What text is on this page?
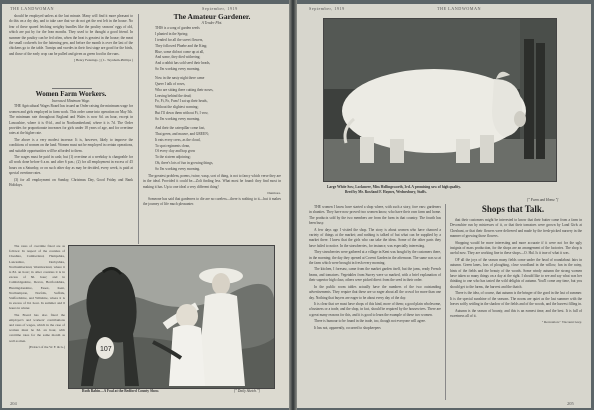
THE LANDWOMAN	September, 1919

should be employed unless at the last minute. Many will find it more pleasant to do this on a dry day, and to take care that we do not get the rest left in the house. No fear of these spared fetching weighty bundles like the poultry seasons' eggs of old, which are put by for the lean months. They used to be thought a good friend. In summer the poultry can be fed often, when the heat is greatest in the house; the meat the small cockerels for the fattening pen, and before the month is over the last of the chickens go to the table. Turnips and swedes in their first stage are good for the birds, and those of the early crop can be pulled and given as green food in the runs.

[ Henry Fennings. ] ( L. Teynham-Phillips )
Women Farm Workers.
Increased Minimum Wage.

THE Agricultural Wages Board has issued an Order raising the minimum wage for women and girls employed in farm work. This order came into operation on May 5th. The minimum rate throughout England and Wales is now 6d. an hour, except in Lancashire, where it is 6½d., and in Northumberland, where it is 7d. The Order provides for proportionate increases for girls under 18 years of age, and for overtime rates at the higher rate.

The above is a very modest increase. It is, however, likely to improve the conditions of women on the land. Women must not be employed in certain operations, and suitable opportunities will be afforded to them.

The wages must be paid in cash; but (1) overtime at a weekday is chargeable for all work done before 6 a.m. and after 6 p.m.; (2) for all employment in excess of 45 hours on a Saturday, or on such other day as may be decided, every week, is paid at special overtime rates.

(3) for all employment on Sunday, Christmas Day, Good Friday and Bank Holidays.

The rates of overtime fixed are as follows: In respect of the counties of Cheshire, Cumberland, Hampshire, Lancashire, Derbyshire, Northumberland, Westmorland, where it is 8d. an hour; in other counties it is in excess of 8d. hour; and in Cambridgeshire, Devon, Hertfordshire, Huntingdonshire, Essex, Kent, Northampton, Norfolk, Suffolk, Staffordshire, and Wiltshire, where it is in excess of 6d. hour. In summer and 6 hours in winter.

The Board has also fixed the employer's and workers' contributions and rates of wages, which in the case of women must be 6d. an hour, with overtime rates for the same month as well as men.

(Extract of the W. F. & G.)
The Amateur Gardener.
A Tender Plot.

THIS is a song of garden seeds

I planted in the Spring;

I tended for all the sweet flowers,

They followed Phœbe and the King;

Blue, some did not come up at all,

And some, they died withering;

And a rabbit has sold seed their heads,

So I'm working every morning.

Now in the nasty night there came

Queer I talk of roses,

Who are sitting there cutting their noses,

Leaving behind the dead;

Fo, Fi, Fo, Fum! I sat up their heads,

Without the slightest warning;

But I'll down them without Fi, I vow,

So I'm working every morning.

And their the caterpillar come fast,

That green, and mauve, and GREEN;

It eats every cress, as the cloud,

To spot regiments clean,

Of every clay and hop grow

To the sixteen adjoining;

Oh, there's lots of fun in growing things,

So I'm working every morning.

The greatest problem, poems, twine, wasp, sort of thing, is not to fancy which verse they are in the ideal. Provided it could be—Zolt finding less. What most he found: they find most in making it has. Up to one ideal a very different thing!

Dunmore.

Someone has said that gardeners to die are no careless—there is nothing to it—but it makes the journey of life much pleasanter.

107
Ruth Rabin—A Foal at the Bedford County Show.	[" Daily Sketch."]
204
September, 1919	THE LANDWOMAN
Large White Sow, Lockmere, Miss Hollingsworth, 3rd. A promising sow of high quality.
Bred by Mr. Rowland F. Haynes, Wednesbury, Staffs.
[" Farm and Home."]
Shops that Talk.

THE women I know have started a shop where, with such a story, fore ears: gardeners in shanties. They have now proved two women know, who have their own farm and home. The products sold by the two members are from the farm in that country. The fourth has been busy.

A few days ago I visited the shop. The story is about women who have chanced a variety of things at the market; and nothing is talked of but what can be supplied by a market there. I knew that the girls who can take the ideas. Some of the other parts they have failed to notice. In the strawberries, for instance, was especially interesting.

They strawberries were gathered at a village in Kent was bought by the customers there, in the morning; the day they opened at Covent Garden in the afternoon. The same was so at the farm which were brought in fresh every morning.

The kitchen, I foresaw, came from the market garden itself, but the jams, ready French beans, and tomatoes. Vegetables from Surrey were so marked, with a brief explanation of their superior high class; others were picked direct from the seed in their order.

In the public room tables actually have the numbers of the two outstanding advertisements. They require that these are so eager about all the crowd for more than one day. Nothing that buyers are eager to be about every day of the day.

It is clear that we must have shops of this kind, more of them; a good plain wholesome, a business or a trade, and the shop, in fact, should be required by the housewives. There are a great many reasons for this, and it is good to learn the example of these two women.

There is humour to be found in the trade, too, though not everyone will agree.

It has not, apparently, occurred to shopkeepers

that their customers might be interested to know that their butter came from a farm in Devonshire run by mistresses of it, or that their tomatoes were grown by Land Girls at Cheshunt, or that their flowers were delivered and made by the fresh-picked nursery in the manner of growing those flowers.

Shopping would be more interesting and more accurate if it were not for the ugly insignia of mass production, for the shops are an arrangement of the factories. The shop is useful now. They are working fine in these shops—O. Hal. Is it true of what it was.

OF all the joys of the season many fields come under the head of roundabout fairs in autumn. Green lanes, loss of ploughing, close woodland in the willow, fun in the rainy, hints of the fields and the beauty of the woods. Some windy autumn the strong women have taken so many things on a day at the right. I should like to see and say what was her thinking to one who has tasted the wild delights of autumn. You'll come any time, but you should get to the farms, the harvest and the thatch.

There is the idea, of course, that autumn is the bringer of the good in the last of summer. It is the special sunshine of the seasons. The noons are quiet as the last summer with the leaves softly settling in the shadow of the fields and of the woods, and the harvest filling in.

Autumn is the season of bounty, and this is an earnest time, and the best. It is full of sweetness all of it.

" Recreation." Viscount Grey.
205
